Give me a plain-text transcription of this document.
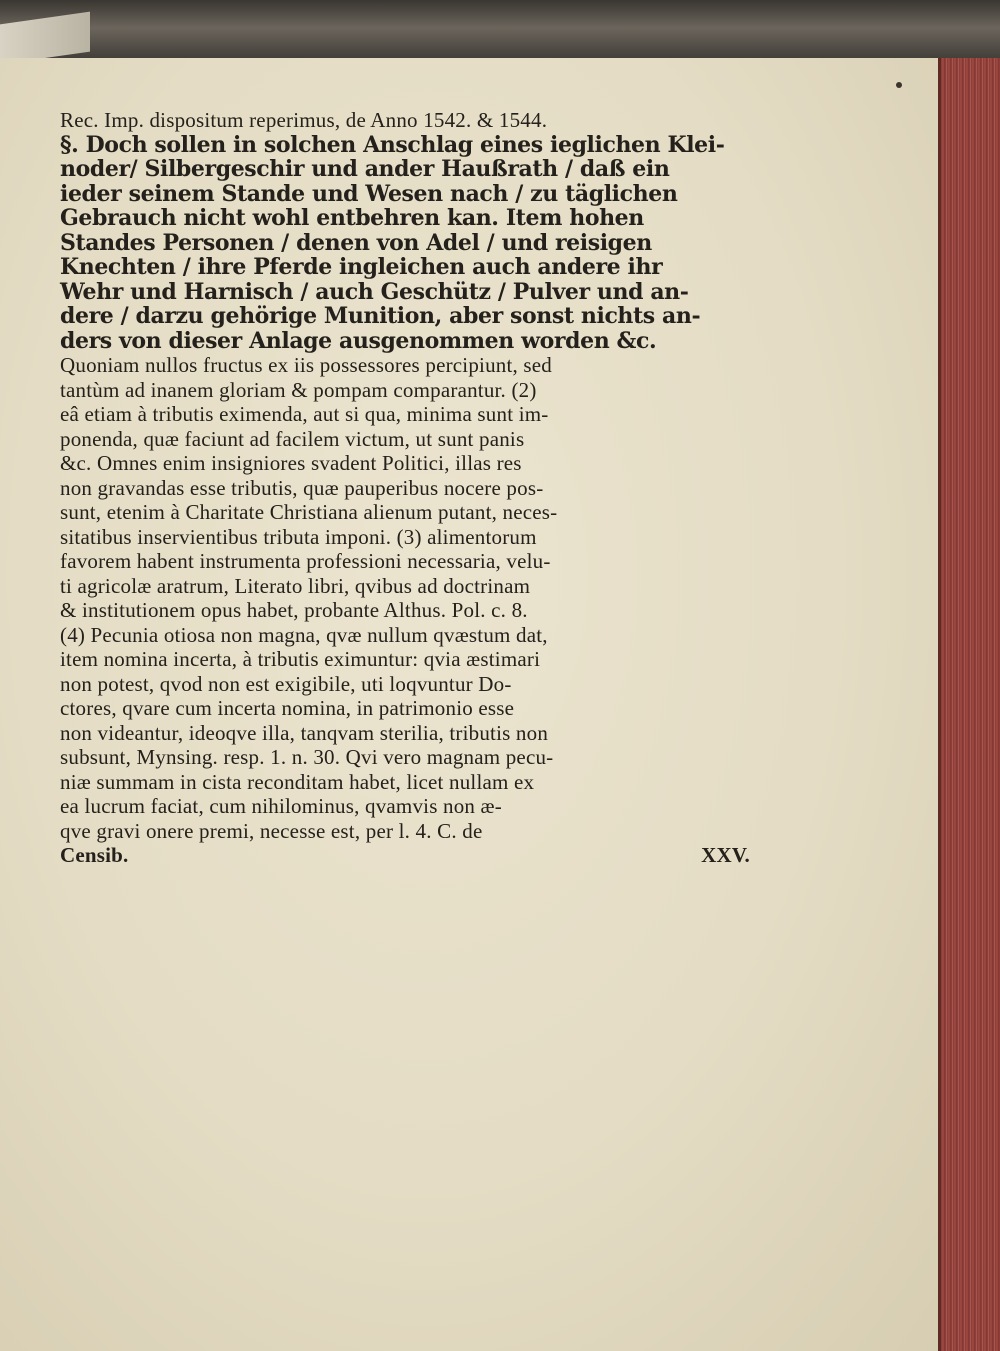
Rec. Imp. dispositum reperimus, de Anno 1542. & 1544.
§. Doch sollen in solchen Anschlag eines ieglichen Klei-
noder/ Silbergeschir und ander Haußrath / daß ein
ieder seinem Stande und Wesen nach / zu täglichen
Gebrauch nicht wohl entbehren kan. Item hohen
Standes Personen / denen von Adel / und reisigen
Knechten / ihre Pferde ingleichen auch andere ihr
Wehr und Harnisch / auch Geschütz / Pulver und an-
dere / darzu gehörige Munition, aber sonst nichts an-
ders von dieser Anlage ausgenommen worden &c.
Quoniam nullos fructus ex iis possessores percipiunt, sed
tantùm ad inanem gloriam & pompam comparantur. (2)
eâ etiam à tributis eximenda, aut si qua, minima sunt im-
ponenda, quæ faciunt ad facilem victum, ut sunt panis
&c. Omnes enim insigniores svadent Politici, illas res
non gravandas esse tributis, quæ pauperibus nocere pos-
sunt, etenim à Charitate Christiana alienum putant, neces-
sitatibus inservientibus tributa imponi. (3) alimentorum
favorem habent instrumenta professioni necessaria, velu-
ti agricolæ aratrum, Literato libri, qvibus ad doctrinam
& institutionem opus habet, probante Althus. Pol. c. 8.
(4) Pecunia otiosa non magna, qvæ nullum qvæstum dat,
item nomina incerta, à tributis eximuntur: qvia æstimari
non potest, qvod non est exigibile, uti loqvuntur Do-
ctores, qvare cum incerta nomina, in patrimonio esse
non videantur, ideoqve illa, tanqvam sterilia, tributis non
subsunt, Mynsing. resp. 1. n. 30. Qvi vero magnam pecu-
niæ summam in cista reconditam habet, licet nullam ex
ea lucrum faciat, cum nihilominus, qvamvis non æ-
qve gravi onere premi, necesse est, per l. 4. C. de
Censib.	XXV.
